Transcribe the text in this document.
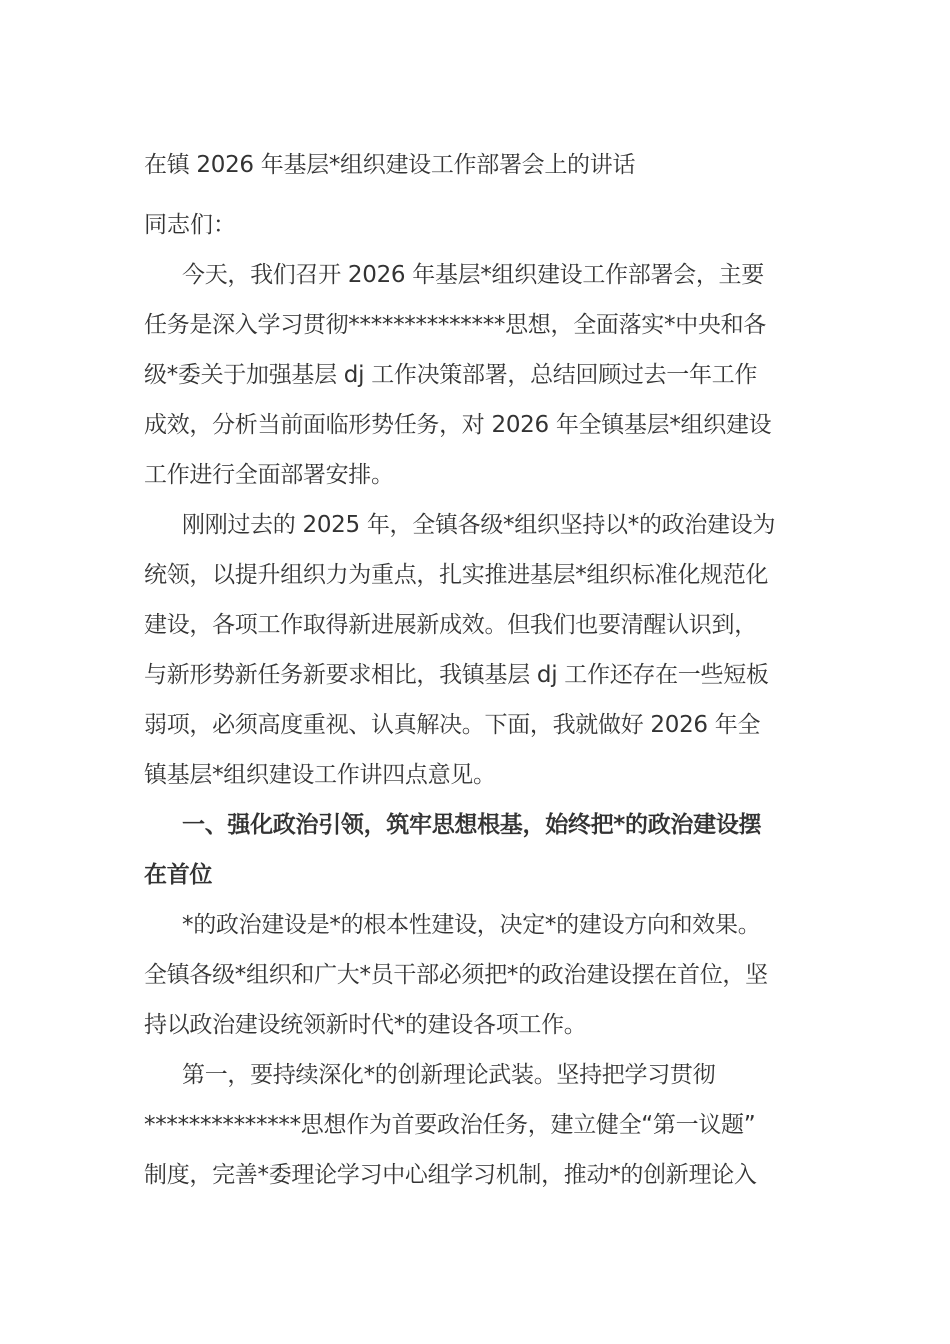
在镇 2026 年基层*组织建设工作部署会上的讲话
同志们：
今天，我们召开 2026 年基层*组织建设工作部署会，主要
任务是深入学习贯彻**************思想，全面落实*中央和各
级*委关于加强基层 dj 工作决策部署，总结回顾过去一年工作
成效，分析当前面临形势任务，对 2026 年全镇基层*组织建设
工作进行全面部署安排。
刚刚过去的 2025 年，全镇各级*组织坚持以*的政治建设为
统领，以提升组织力为重点，扎实推进基层*组织标准化规范化
建设，各项工作取得新进展新成效。但我们也要清醒认识到，
与新形势新任务新要求相比，我镇基层 dj 工作还存在一些短板
弱项，必须高度重视、认真解决。下面，我就做好 2026 年全
镇基层*组织建设工作讲四点意见。
一、强化政治引领，筑牢思想根基，始终把*的政治建设摆
在首位
*的政治建设是*的根本性建设，决定*的建设方向和效果。
全镇各级*组织和广大*员干部必须把*的政治建设摆在首位，坚
持以政治建设统领新时代*的建设各项工作。
第一，要持续深化*的创新理论武装。坚持把学习贯彻
**************思想作为首要政治任务，建立健全“第一议题”
制度，完善*委理论学习中心组学习机制，推动*的创新理论入
